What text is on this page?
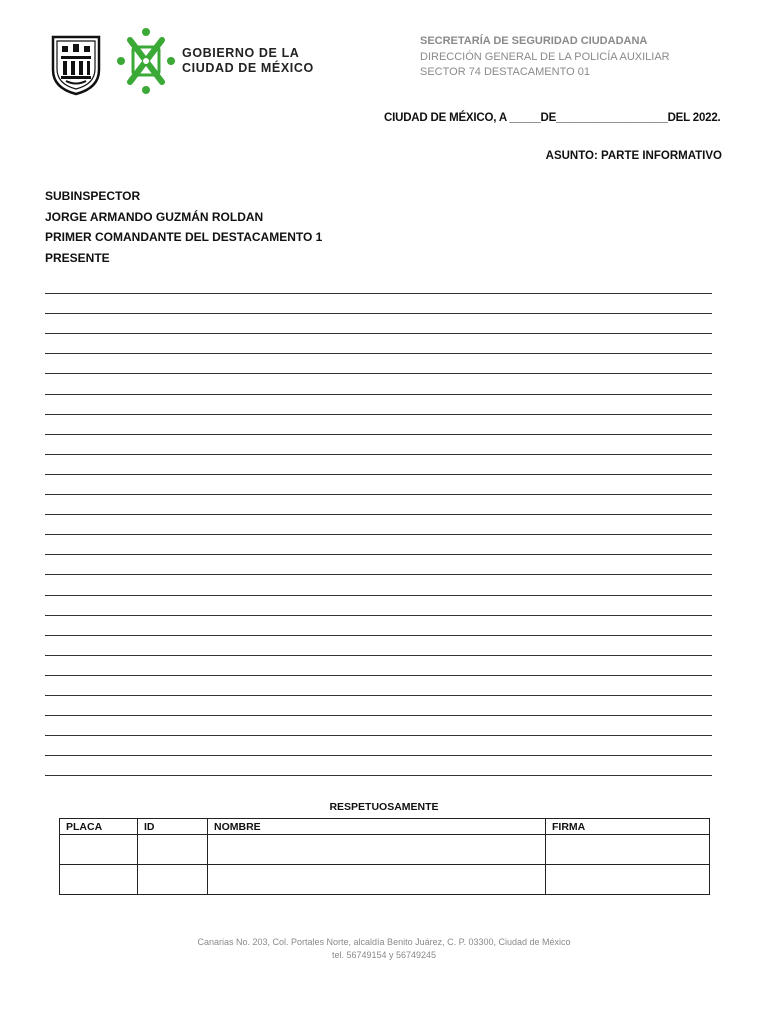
GOBIERNO DE LA
CIUDAD DE MÉXICO
SECRETARÍA DE SEGURIDAD CIUDADANA
DIRECCIÓN GENERAL DE LA POLICÍA AUXILIAR
SECTOR 74 DESTACAMENTO 01
CIUDAD DE MÉXICO, A _____DE__________________DEL 2022.
ASUNTO: PARTE INFORMATIVO
SUBINSPECTOR
JORGE ARMANDO GUZMÁN ROLDAN
PRIMER COMANDANTE DEL DESTACAMENTO 1
PRESENTE
RESPETUOSAMENTE
PLACA	ID	NOMBRE	FIRMA

Canarias No. 203, Col. Portales Norte, alcaldía Benito Juárez, C. P. 03300, Ciudad de México
tel. 56749154 y 56749245
